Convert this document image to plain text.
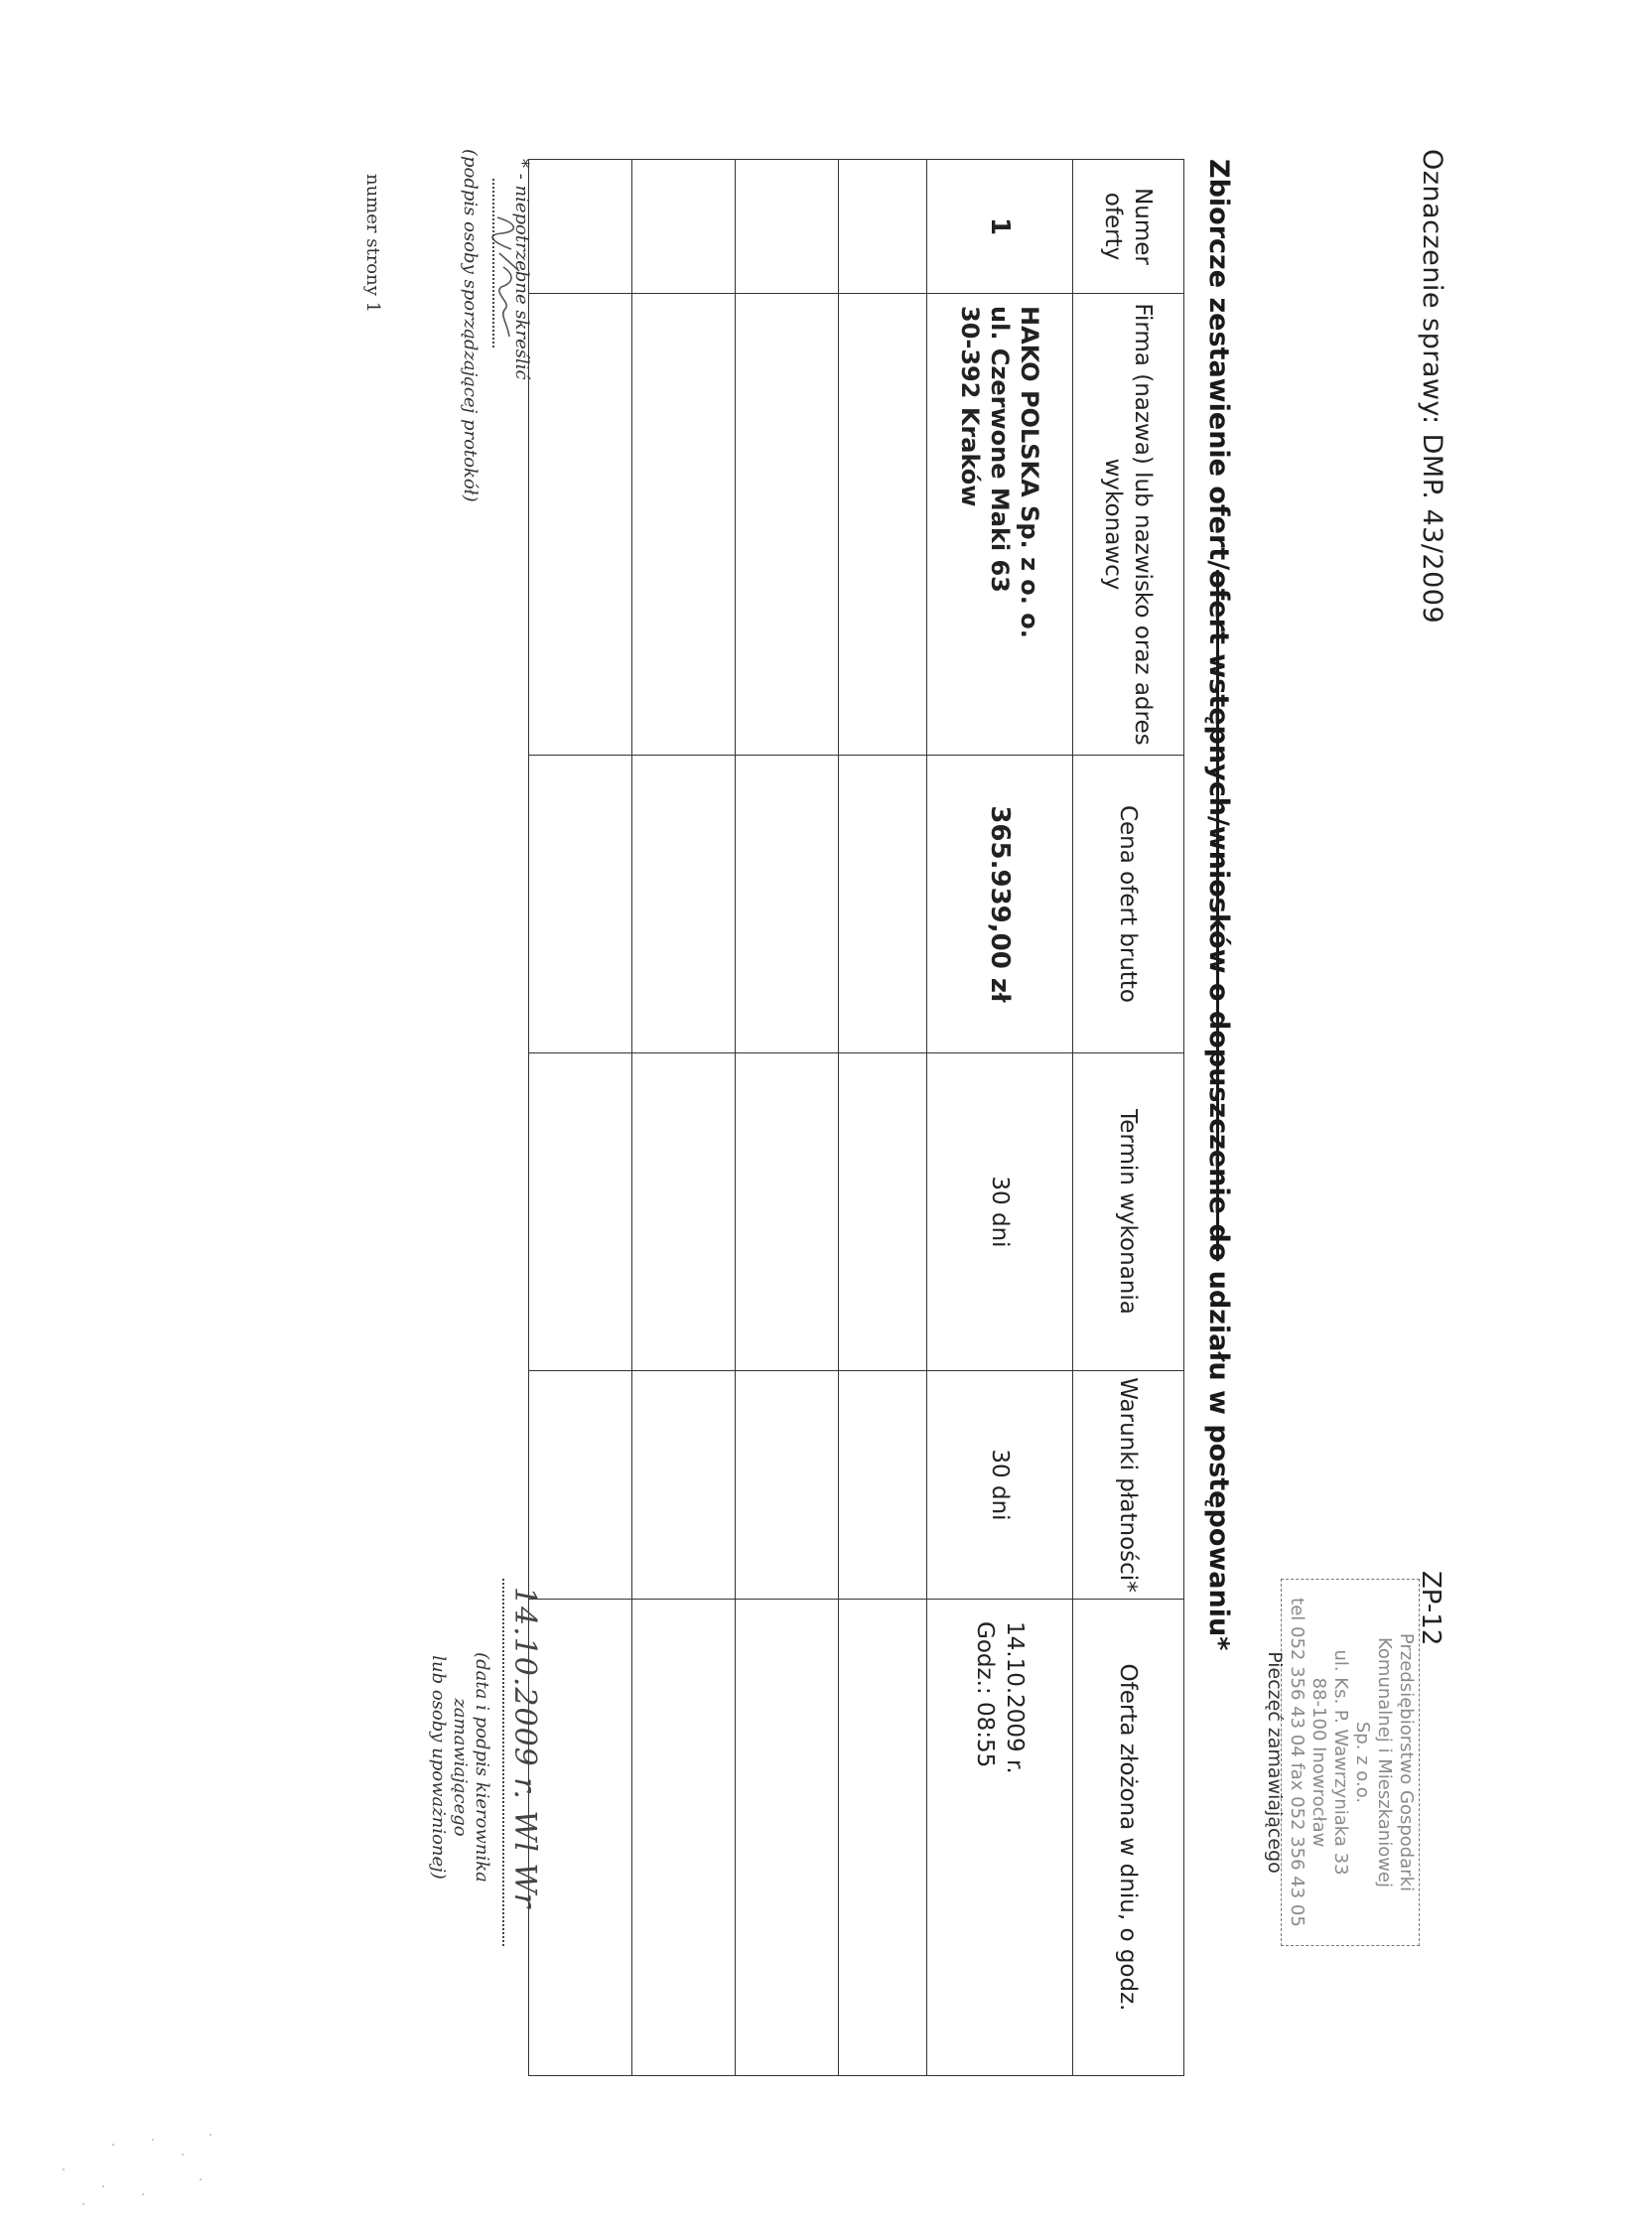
Oznaczenie sprawy: DMP. 43/2009
ZP-12
Przedsiębiorstwo Gospodarki
Komunalnej i Mieszkaniowej
Sp. z o.o.
ul. Ks. P. Wawrzyniaka 33
88-100 Inowrocław
tel 052 356 43 04 fax 052 356 43 05
Pieczęć zamawiającego
Zbiorcze zestawienie ofert/ofert wstępnych/wniosków o dopuszczenie do udziału w postępowaniu*
Numer oferty	Firma (nazwa) lub nazwisko oraz adres wykonawcy	Cena ofert brutto	Termin wykonania	Warunki płatności*	Oferta złożona w dniu, o godz.
1	HAKO POLSKA Sp. z o. o.
ul. Czerwone Maki 63
30-392 Kraków	365.939,00 zł	30 dni	30 dni	14.10.2009 r.
Godz.: 08:55

* - niepotrzebne skreślić
(podpis osoby sporządzającej protokół)
numer strony 1
14.10.2009 r. Wl Wr
(data i podpis kierownika zamawiającego
lub osoby upoważnionej)
